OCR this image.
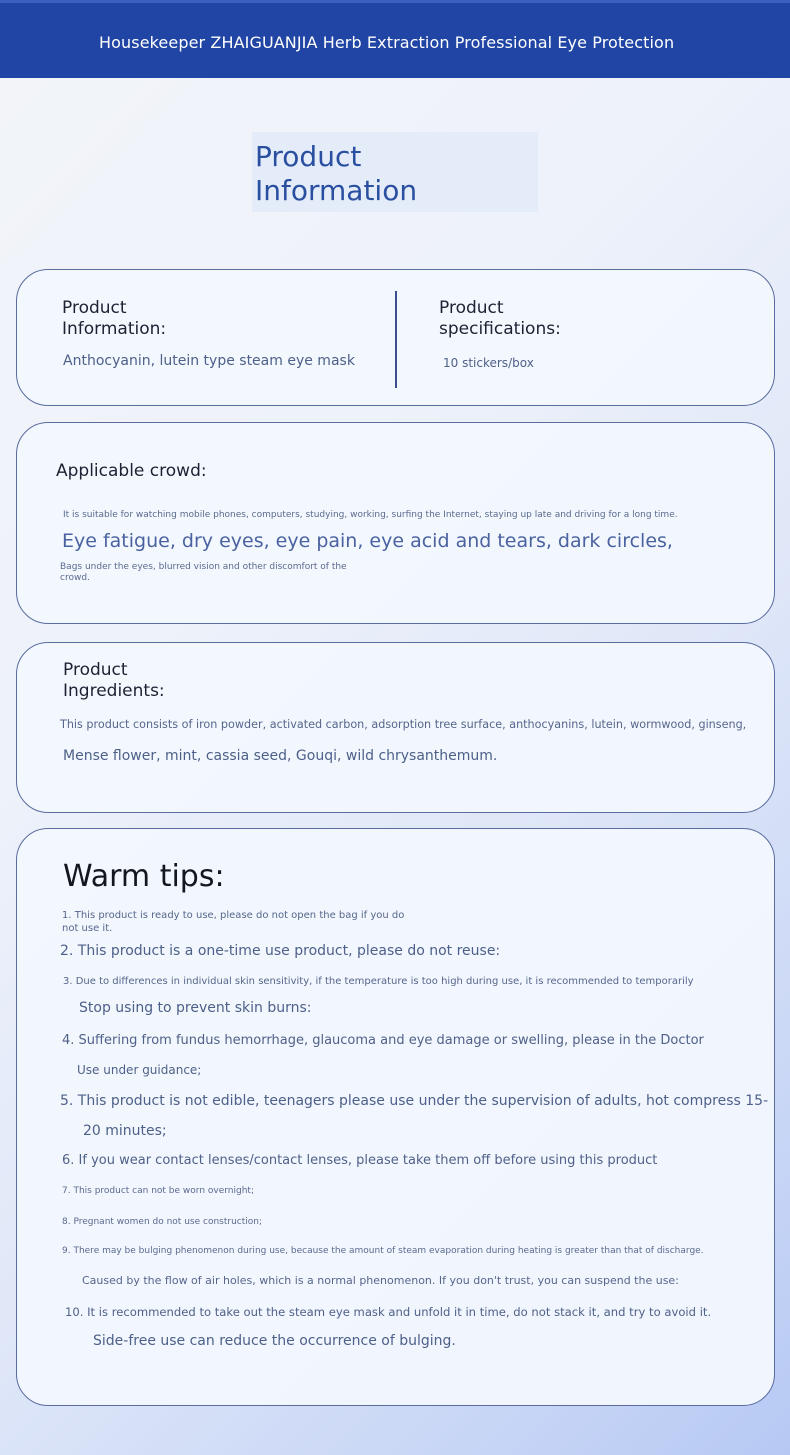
Housekeeper ZHAIGUANJIA Herb Extraction Professional Eye Protection
Product Information
Product Information:
Anthocyanin, lutein type steam eye mask
Product specifications:
10 stickers/box
Applicable crowd:
It is suitable for watching mobile phones, computers, studying, working, surfing the Internet, staying up late and driving for a long time.
Eye fatigue, dry eyes, eye pain, eye acid and tears, dark circles,
Bags under the eyes, blurred vision and other discomfort of the crowd.
Product Ingredients:
This product consists of iron powder, activated carbon, adsorption tree surface, anthocyanins, lutein, wormwood, ginseng,
Mense flower, mint, cassia seed, Gouqi, wild chrysanthemum.
Warm tips:
1. This product is ready to use, please do not open the bag if you do not use it.
2. This product is a one-time use product, please do not reuse:
3. Due to differences in individual skin sensitivity, if the temperature is too high during use, it is recommended to temporarily
Stop using to prevent skin burns:
4. Suffering from fundus hemorrhage, glaucoma and eye damage or swelling, please in the Doctor
Use under guidance;
5. This product is not edible, teenagers please use under the supervision of adults, hot compress 15-
20 minutes;
6. If you wear contact lenses/contact lenses, please take them off before using this product
7. This product can not be worn overnight;
8. Pregnant women do not use construction;
9. There may be bulging phenomenon during use, because the amount of steam evaporation during heating is greater than that of discharge.
Caused by the flow of air holes, which is a normal phenomenon. If you don't trust, you can suspend the use:
10. It is recommended to take out the steam eye mask and unfold it in time, do not stack it, and try to avoid it.
Side-free use can reduce the occurrence of bulging.
